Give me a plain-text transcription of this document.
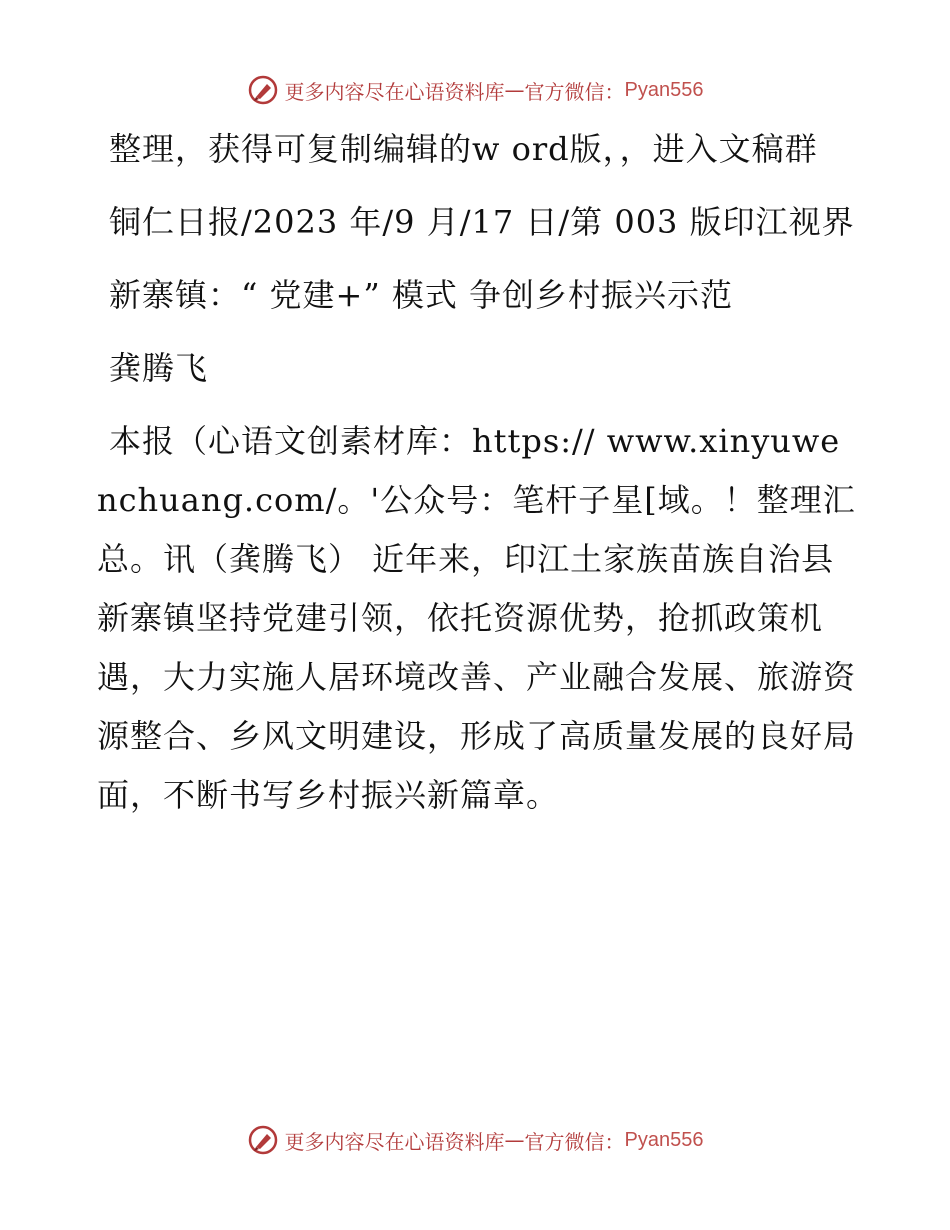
更多内容尽在心语资料库 — 官方微信： Pyan556

整理，获得可复制编辑的w ord版，，进入文稿群

铜仁日报/2023 年/9 月/17 日/第 003 版印江视界

新寨镇：“ 党建+” 模式 争创乡村振兴示范

龚腾飞

本报（心语文创素材库：https:// www.xinyuwenchuang.com/。'公众号：笔杆子星[域。！整理汇总。讯（龚腾飞） 近年来，印江土家族苗族自治县新寨镇坚持党建引领，依托资源优势，抢抓政策机遇，大力实施人居环境改善、产业融合发展、旅游资源整合、乡风文明建设，形成了高质量发展的良好局面，不断书写乡村振兴新篇章。

更多内容尽在心语资料库 — 官方微信： Pyan556
